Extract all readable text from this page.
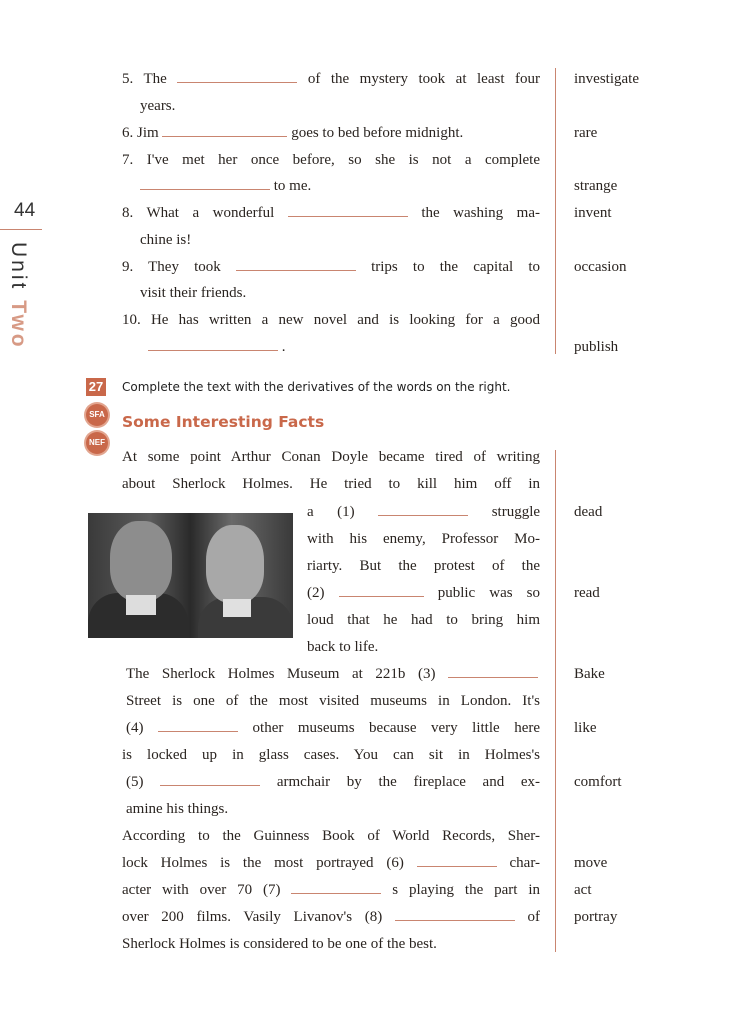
44
Unit Two
5. The	of the mystery took at least four
years.
6. Jim	goes to bed before midnight.
7. I've met her once before, so she is not a complete
to me.
8. What a wonderful	the washing ma-
chine is!
9. They took	trips to the capital to
visit their friends.
10. He has written a new novel and is looking for a good
.
investigate
rare
strange
invent
occasion
publish
27 Complete the text with the derivatives of the words on the right.
SFA
NEF
Some Interesting Facts
At some point Arthur Conan Doyle became tired of writing
about Sherlock Holmes. He tried to kill him off in
a (1)	struggle
with his enemy, Professor Mo-
riarty. But the protest of the
(2)	public was so
loud that he had to bring him
back to life.
The Sherlock Holmes Museum at 221b (3)
Street is one of the most visited museums in London. It's
(4)	other museums because very little here
is locked up in glass cases. You can sit in Holmes's
(5)	armchair by the fireplace and ex-
amine his things.
According to the Guinness Book of World Records, Sher-
lock Holmes is the most portrayed (6)	char-
acter with over 70 (7)	s playing the part in
over 200 films. Vasily Livanov's (8)	of
Sherlock Holmes is considered to be one of the best.
dead
read
Bake
like
comfort
move
act
portray
